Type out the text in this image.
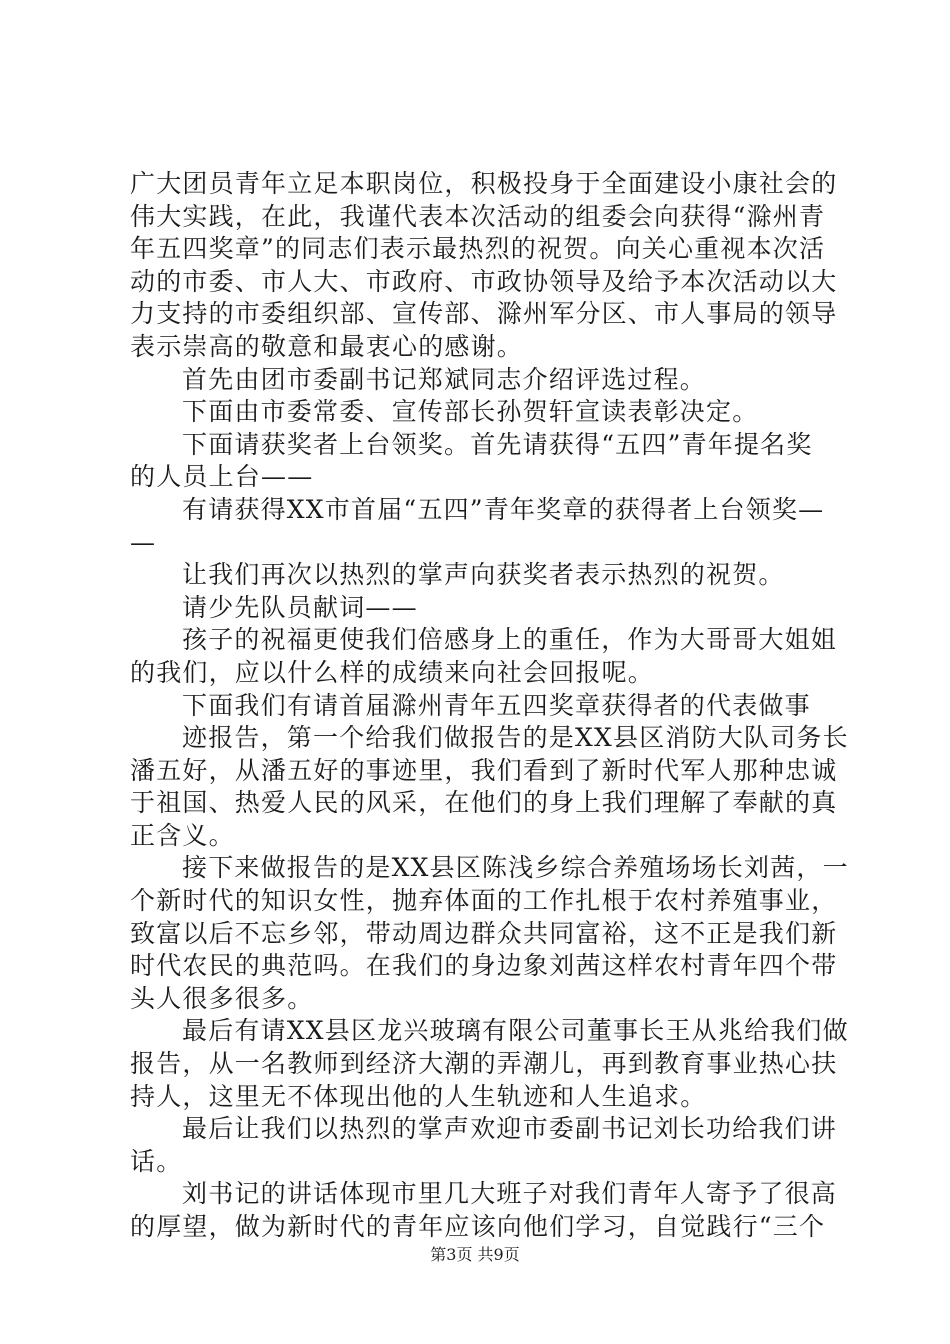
广大团员青年立足本职岗位，积极投身于全面建设小康社会的
伟大实践，在此，我谨代表本次活动的组委会向获得“滁州青
年五四奖章”的同志们表示最热烈的祝贺。向关心重视本次活
动的市委、市人大、市政府、市政协领导及给予本次活动以大
力支持的市委组织部、宣传部、滁州军分区、市人事局的领导
表示崇高的敬意和最衷心的感谢。
首先由团市委副书记郑斌同志介绍评选过程。
下面由市委常委、宣传部长孙贺轩宣读表彰决定。
下面请获奖者上台领奖。首先请获得“五四”青年提名奖
的人员上台——
有请获得XX市首届“五四”青年奖章的获得者上台领奖—
—
让我们再次以热烈的掌声向获奖者表示热烈的祝贺。
请少先队员献词——
孩子的祝福更使我们倍感身上的重任，作为大哥哥大姐姐
的我们，应以什么样的成绩来向社会回报呢。
下面我们有请首届滁州青年五四奖章获得者的代表做事
迹报告，第一个给我们做报告的是XX县区消防大队司务长
潘五好，从潘五好的事迹里，我们看到了新时代军人那种忠诚
于祖国、热爱人民的风采，在他们的身上我们理解了奉献的真
正含义。
接下来做报告的是XX县区陈浅乡综合养殖场场长刘茜，一
个新时代的知识女性，抛弃体面的工作扎根于农村养殖事业，
致富以后不忘乡邻，带动周边群众共同富裕，这不正是我们新
时代农民的典范吗。在我们的身边象刘茜这样农村青年四个带
头人很多很多。
最后有请XX县区龙兴玻璃有限公司董事长王从兆给我们做
报告，从一名教师到经济大潮的弄潮儿，再到教育事业热心扶
持人，这里无不体现出他的人生轨迹和人生追求。
最后让我们以热烈的掌声欢迎市委副书记刘长功给我们讲
话。
刘书记的讲话体现市里几大班子对我们青年人寄予了很高
的厚望，做为新时代的青年应该向他们学习，自觉践行“三个
第3页 共9页
